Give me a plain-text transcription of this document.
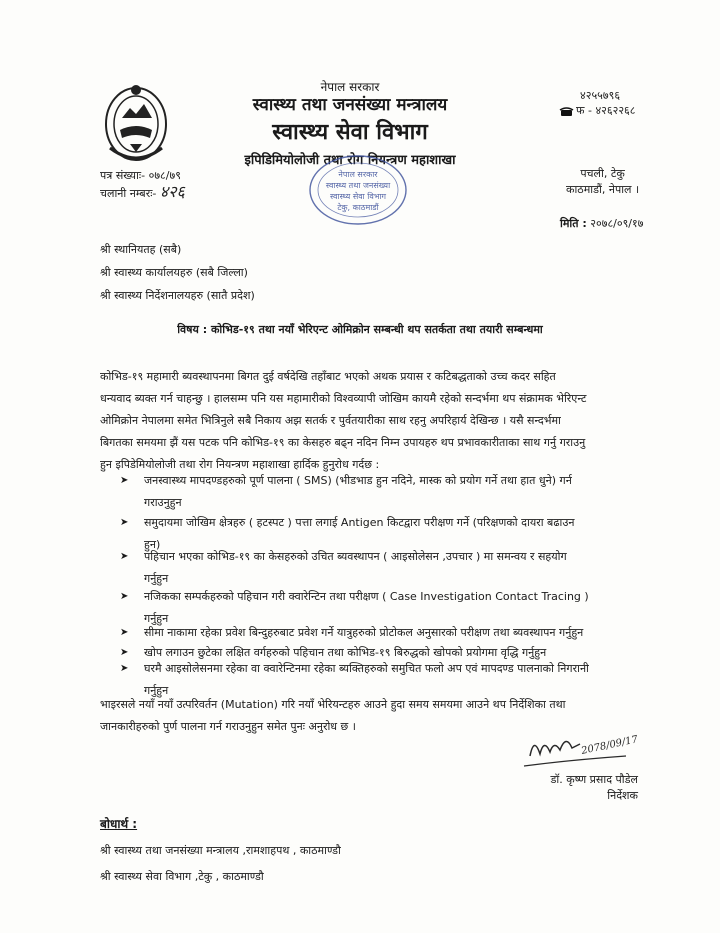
नेपाल सरकार
स्वास्थ्य तथा जनसंख्या मन्त्रालय
स्वास्थ्य सेवा विभाग
इपिडिमियोलोजी तथा रोग नियन्त्रण महाशाखा
४२५५७९६
फ - ४२६२२६८
पचली, टेकु
काठमाडौं, नेपाल ।
मिति : २०७८/०९/१७
पत्र संख्याः- ०७८/७९
चलानी नम्बरः- ४२६
नेपाल सरकार
स्वास्थ्य तथा जनसंख्या
स्वास्थ्य सेवा विभाग
टेकु, काठमाडौं
श्री स्थानियतह (सबै)
श्री स्वास्थ्य कार्यालयहरु (सबै जिल्ला)
श्री स्वास्थ्य निर्देशनालयहरु (सातै प्रदेश)
विषय : कोभिड-१९ तथा नयाँ भेरिएन्ट ओमिक्रोन सम्बन्धी थप सतर्कता तथा तयारी सम्बन्धमा
कोभिड-१९ महामारी ब्यवस्थापनमा बिगत दुई वर्षदेखि तहाँबाट भएको अथक प्रयास र कटिबद्धताको उच्च कदर सहित
धन्यवाद ब्यक्त गर्न चाहन्छु । हालसम्म पनि यस महामारीको विश्वव्यापी जोखिम कायमै रहेको सन्दर्भमा थप संक्रामक भेरिएन्ट
ओमिक्रोन नेपालमा समेत भित्रिनुले सबै निकाय अझ सतर्क र पुर्वतयारीका साथ रहनु अपरिहार्य देखिन्छ । यसै सन्दर्भमा
बिगतका समयमा झैं यस पटक पनि कोभिड-१९ का केसहरु बढ्न नदिन निम्न उपायहरु थप प्रभावकारीताका साथ गर्नु गराउनु
हुन इपिडेमियोलोजी तथा रोग नियन्त्रण महाशाखा हार्दिक हुनुरोध गर्दछ :
➤ जनस्वास्थ्य मापदण्डहरुको पूर्ण पालना ( SMS) (भीडभाड हुन नदिने, मास्क को प्रयोग गर्ने तथा हात धुने) गर्न
गराउनुहुन
➤ समुदायमा जोखिम क्षेत्रहरु ( हटस्पट ) पत्ता लगाई Antigen किटद्वारा परीक्षण गर्ने (परिक्षणको दायरा बढाउन
हुन)
➤ पहिचान भएका कोभिड-१९ का केसहरुको उचित ब्यवस्थापन ( आइसोलेसन ,उपचार ) मा समन्वय र सहयोग
गर्नुहुन
➤ नजिकका सम्पर्कहरुको पहिचान गरी क्वारेन्टिन तथा परीक्षण ( Case Investigation Contact Tracing )
गर्नुहुन
➤ सीमा नाकामा रहेका प्रवेश बिन्दुहरुबाट प्रवेश गर्ने यात्रुहरुको प्रोटोकल अनुसारको परीक्षण तथा ब्यवस्थापन गर्नुहुन
➤ खोप लगाउन छुटेका लक्षित वर्गहरुको पहिचान तथा कोभिड-१९ बिरुद्धको खोपको प्रयोगमा वृद्धि गर्नुहुन
➤ घरमै आइसोलेसनमा रहेका वा क्वारेन्टिनमा रहेका ब्यक्तिहरुको समुचित फलो अप एवं मापदण्ड पालनाको निगरानी
गर्नुहुन
भाइरसले नयाँ नयाँ उत्परिवर्तन (Mutation) गरि नयाँ भेरियन्टहरु आउने हुदा समय समयमा आउने थप निर्देशिका तथा
जानकारीहरुको पुर्ण पालना गर्न गराउनुहुन समेत पुनः अनुरोध छ ।
2078/09/17
डॉ. कृष्ण प्रसाद पौडेल
निर्देशक
बोधार्थ :
श्री स्वास्थ्य तथा जनसंख्या मन्त्रालय ,रामशाहपथ , काठमाण्डौ
श्री स्वास्थ्य सेवा विभाग ,टेकु , काठमाण्डौ
